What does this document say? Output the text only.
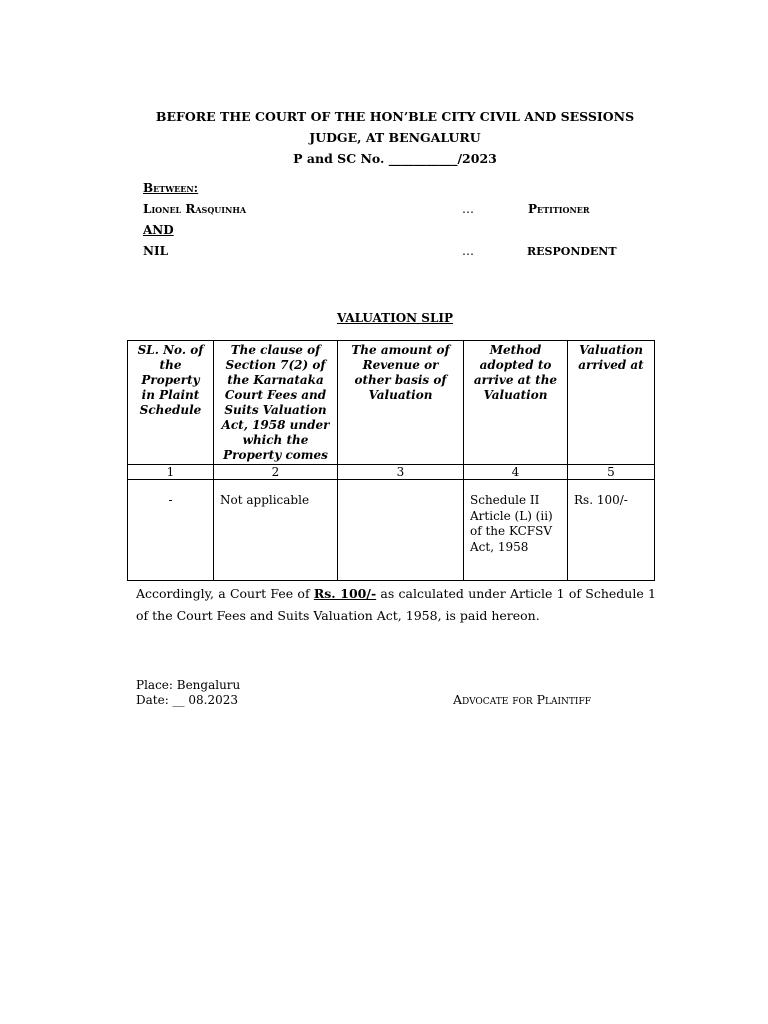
BEFORE THE COURT OF THE HON’BLE CITY CIVIL AND SESSIONS
JUDGE, AT BENGALURU
P and SC No. ___________/2023
Between:
Lionel Rasquinha	…	Petitioner
AND
NIL	…	RESPONDENT
VALUATION SLIP
SL. No. of the Property in Plaint Schedule	The clause of Section 7(2) of the Karnataka Court Fees and Suits Valuation Act, 1958 under which the Property comes	The amount of Revenue or other basis of Valuation	Method adopted to arrive at the Valuation	Valuation arrived at
1	2	3	4	5
-	Not applicable		Schedule II Article (L) (ii) of the KCFSV Act, 1958	Rs. 100/-
Accordingly, a Court Fee of Rs. 100/- as calculated under Article 1 of Schedule 1 of the Court Fees and Suits Valuation Act, 1958, is paid hereon.
Place: Bengaluru
Date: __ 08.2023	Advocate for Plaintiff
